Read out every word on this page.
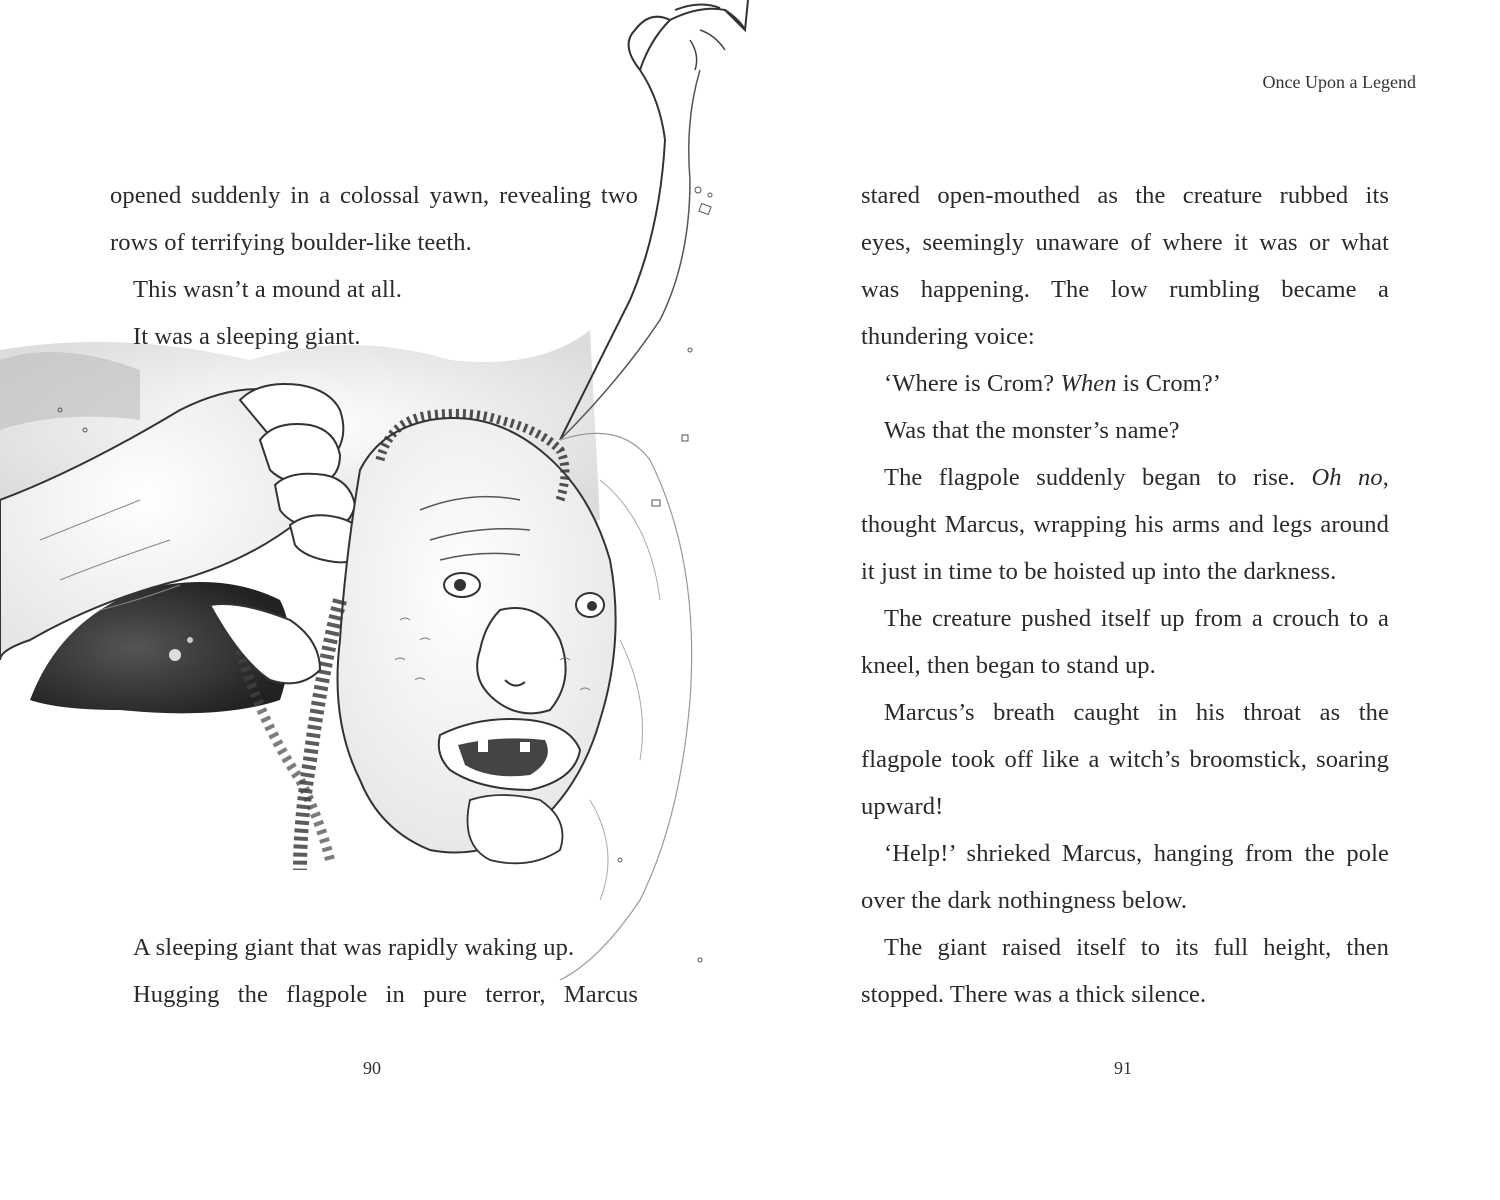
opened suddenly in a colossal yawn, revealing two

rows of terrifying boulder-like teeth.

This wasn’t a mound at all.

It was a sleeping giant.

A sleeping giant that was rapidly waking up.

Hugging the flagpole in pure terror, Marcus

90
Once Upon a Legend

stared open-mouthed as the creature rubbed its

eyes, seemingly unaware of where it was or what

was happening. The low rumbling became a

thundering voice:

‘Where is Crom? When is Crom?’

Was that the monster’s name?

The flagpole suddenly began to rise. Oh no,

thought Marcus, wrapping his arms and legs around

it just in time to be hoisted up into the darkness.

The creature pushed itself up from a crouch to a

kneel, then began to stand up.

Marcus’s breath caught in his throat as the

flagpole took off like a witch’s broomstick, soaring

upward!

‘Help!’ shrieked Marcus, hanging from the pole

over the dark nothingness below.

The giant raised itself to its full height, then

stopped. There was a thick silence.

91
